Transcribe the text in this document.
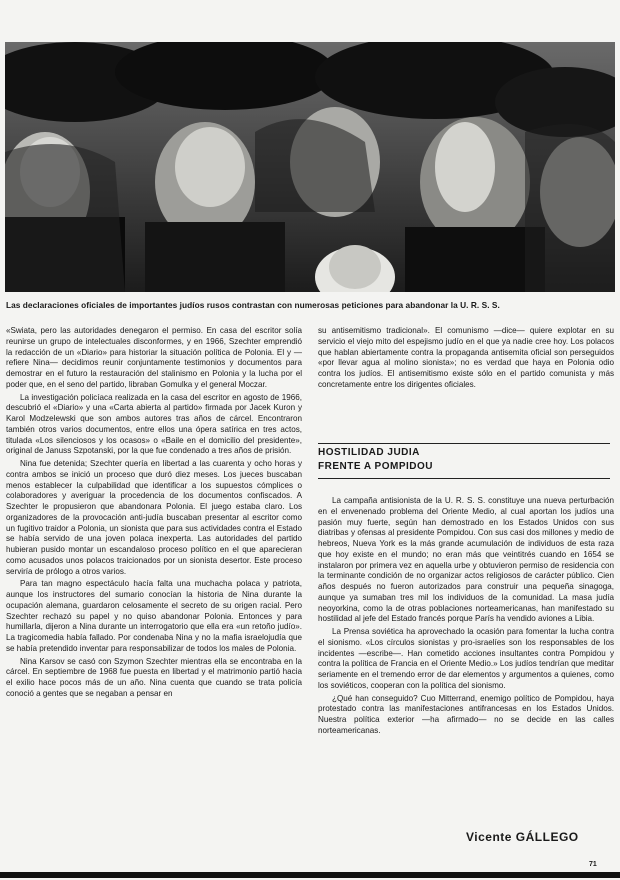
Las declaraciones oficiales de importantes judíos rusos contrastan con numerosas peticiones para abandonar la U. R. S. S.

«Swiata, pero las autoridades denegaron el permiso. En casa del escritor solía reunirse un grupo de intelectuales disconformes, y en 1966, Szechter emprendió la redacción de un «Diario» para historiar la situación política de Polonia. El y —refiere Nina— decidimos reunir conjuntamente testimonios y documentos para demostrar en el futuro la restauración del stalinismo en Polonia y la lucha por el poder que, en el seno del partido, libraban Gomulka y el general Moczar.

La investigación policíaca realizada en la casa del escritor en agosto de 1966, descubrió el «Diario» y una «Carta abierta al partido» firmada por Jacek Kuron y Karol Modzelewski que son ambos autores tras años de cárcel. Encontraron también otros varios documentos, entre ellos una ópera satírica en tres actos, titulada «Los silenciosos y los ocasos» o «Baile en el domicilio del presidente», original de Januss Szpotanski, por la que fue condenado a tres años de prisión.

Nina fue detenida; Szechter quería en libertad a las cuarenta y ocho horas y contra ambos se inició un proceso que duró diez meses. Los jueces buscaban menos establecer la culpabilidad que identificar a los supuestos cómplices o colaboradores y averiguar la procedencia de los documentos confiscados. A Szechter le propusieron que abandonara Polonia. El juego estaba claro. Los organizadores de la provocación anti-judía buscaban presentar al escritor como un fugitivo traidor a Polonia, un sionista que para sus actividades contra el Estado se había servido de una joven polaca inexperta. Las autoridades del partido hubieran pusido montar un escandaloso proceso político en el que aparecieran como acusados unos polacos traicionados por un sionista desertor. Este proceso serviría de prólogo a otros varios.

Para tan magno espectáculo hacía falta una muchacha polaca y patriota, aunque los instructores del sumario conocían la historia de Nina durante la ocupación alemana, guardaron celosamente el secreto de su origen racial. Pero Szechter rechazó su papel y no quiso abandonar Polonia. Entonces y para humillarla, dijeron a Nina durante un interrogatorio que ella era «un retoño judío». La tragicomedia había fallado. Por condenaba Nina y no la mafia israelojudía que se había pretendido inventar para responsabilizar de todos los males de Polonia.

Nina Karsov se casó con Szymon Szechter mientras ella se encontraba en la cárcel. En septiembre de 1968 fue puesta en libertad y el matrimonio partió hacia el exilio hace pocos más de un año. Nina cuenta que cuando se trata policía conoció a gentes que se negaban a pensar en

su antisemitismo tradicional». El comunismo —dice— quiere explotar en su servicio el viejo mito del espejismo judío en el que ya nadie cree hoy. Los polacos que hablan abiertamente contra la propaganda antisemita oficial son perseguidos «por llevar agua al molino sionista»; no es verdad que haya en Polonia odio contra los judíos. El antisemitismo existe sólo en el partido comunista y más concretamente entre los dirigentes oficiales.

HOSTILIDAD JUDIA
FRENTE A POMPIDOU

La campaña antisionista de la U. R. S. S. constituye una nueva perturbación en el envenenado problema del Oriente Medio, al cual aportan los judíos una pasión muy fuerte, según han demostrado en los Estados Unidos con sus diatribas y ofensas al presidente Pompidou. Con sus casi dos millones y medio de hebreos, Nueva York es la más grande acumulación de individuos de esta raza que hoy existe en el mundo; no eran más que veintitrés cuando en 1654 se instalaron por primera vez en aquella urbe y obtuvieron permiso de residencia con la terminante condición de no organizar actos religiosos de carácter público. Cien años después no fueron autorizados para construir una pequeña sinagoga, aunque ya sumaban tres mil los individuos de la comunidad. La masa judía neoyorkina, como la de otras poblaciones norteamericanas, han manifestado su hostilidad al jefe del Estado francés porque París ha vendido aviones a Libia.

La Prensa soviética ha aprovechado la ocasión para fomentar la lucha contra el sionismo. «Los círculos sionistas y pro-israelíes son los responsables de los incidentes —escribe—. Han cometido acciones insultantes contra Pompidou y contra la política de Francia en el Oriente Medio.» Los judíos tendrían que meditar seriamente en el tremendo error de dar elementos y argumentos a quienes, como los soviéticos, cooperan con la política del sionismo.

¿Qué han conseguido? Cuo Mitterrand, enemigo político de Pompidou, haya protestado contra las manifestaciones antifrancesas en los Estados Unidos. Nuestra política exterior —ha afirmado— no se decide en las calles norteamericanas.

Vicente GÁLLEGO
71
